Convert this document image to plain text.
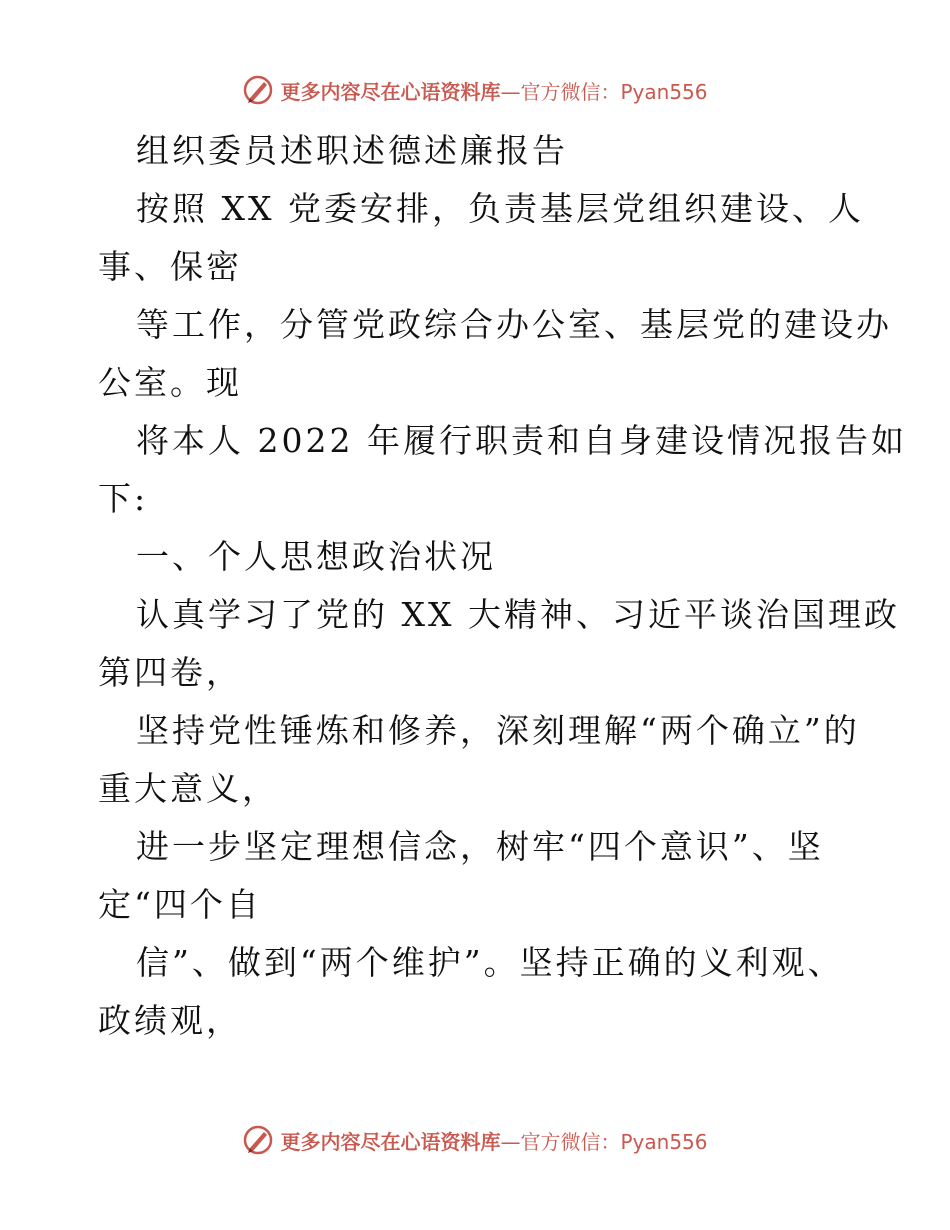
更多内容尽在心语资料库—官方微信：Pyan556
组织委员述职述德述廉报告
按照 XX 党委安排，负责基层党组织建设、人
事、保密
等工作，分管党政综合办公室、基层党的建设办
公室。现
将本人 2022 年履行职责和自身建设情况报告如
下:
一、个人思想政治状况
认真学习了党的 XX 大精神、习近平谈治国理政
第四卷，
坚持党性锤炼和修养，深刻理解“两个确立”的
重大意义，
进一步坚定理想信念，树牢“四个意识”、坚
定“四个自
信”、做到“两个维护”。坚持正确的义利观、
政绩观，
更多内容尽在心语资料库—官方微信：Pyan556
